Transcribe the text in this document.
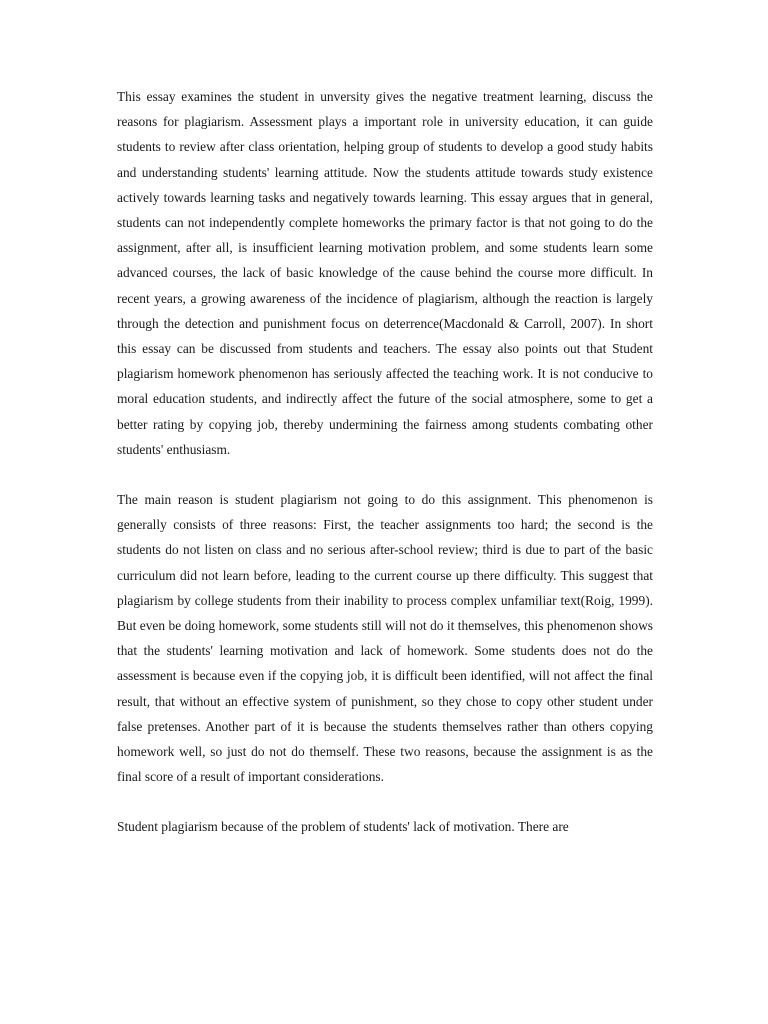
This essay examines the student in unversity gives the negative treatment learning, discuss the reasons for plagiarism. Assessment plays a important role in university education, it can guide students to review after class orientation, helping group of students to develop a good study habits and understanding students' learning attitude. Now the students attitude towards study existence actively towards learning tasks and negatively towards learning. This essay argues that in general, students can not independently complete homeworks the primary factor is that not going to do the assignment, after all, is insufficient learning motivation problem, and some students learn some advanced courses, the lack of basic knowledge of the cause behind the course more difficult. In recent years, a growing awareness of the incidence of plagiarism, although the reaction is largely through the detection and punishment focus on deterrence(Macdonald & Carroll, 2007). In short this essay can be discussed from students and teachers. The essay also points out that Student plagiarism homework phenomenon has seriously affected the teaching work. It is not conducive to moral education students, and indirectly affect the future of the social atmosphere, some to get a better rating by copying job, thereby undermining the fairness among students combating other students' enthusiasm.

The main reason is student plagiarism not going to do this assignment. This phenomenon is generally consists of three reasons: First, the teacher assignments too hard; the second is the students do not listen on class and no serious after-school review; third is due to part of the basic curriculum did not learn before, leading to the current course up there difficulty. This suggest that plagiarism by college students from their inability to process complex unfamiliar text(Roig, 1999). But even be doing homework, some students still will not do it themselves, this phenomenon shows that the students' learning motivation and lack of homework. Some students does not do the assessment is because even if the copying job, it is difficult been identified, will not affect the final result, that without an effective system of punishment, so they chose to copy other student under false pretenses. Another part of it is because the students themselves rather than others copying homework well, so just do not do themself. These two reasons, because the assignment is as the final score of a result of important considerations.

Student plagiarism because of the problem of students' lack of motivation. There are
